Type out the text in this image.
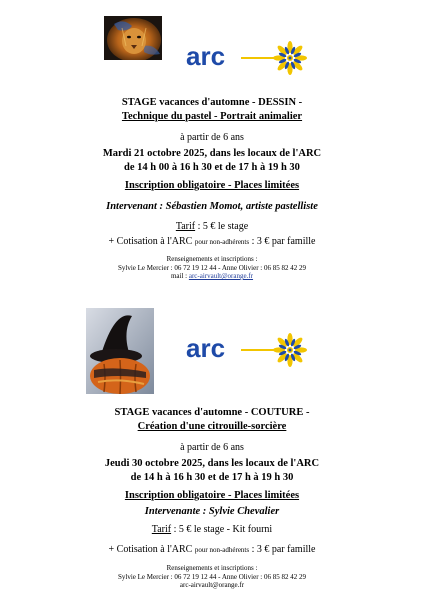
arc
STAGE vacances d'automne - DESSIN -
Technique du pastel - Portrait animalier
à partir de 6 ans
Mardi 21 octobre 2025, dans les locaux de l'ARC
de 14 h 00 à 16 h 30 et de 17 h à 19 h 30
Inscription obligatoire - Places limitées
Intervenant : Sébastien Momot, artiste pastelliste
Tarif : 5 € le stage
+ Cotisation à l'ARC pour non-adhérents : 3 € par famille
Renseignements et inscriptions :
Sylvie Le Mercier : 06 72 19 12 44 - Anne Olivier : 06 85 82 42 29
mail : arc-airvault@orange.fr
arc
STAGE vacances d'automne - COUTURE -
Création d'une citrouille-sorcière
à partir de 6 ans
Jeudi 30 octobre 2025, dans les locaux de l'ARC
de 14 h à 16 h 30 et de 17 h à 19 h 30
Inscription obligatoire - Places limitées
Intervenante : Sylvie Chevalier
Tarif : 5 € le stage - Kit fourni
+ Cotisation à l'ARC pour non-adhérents : 3 € par famille
Renseignements et inscriptions :
Sylvie Le Mercier : 06 72 19 12 44 - Anne Olivier : 06 85 82 42 29
arc-airvault@orange.fr
